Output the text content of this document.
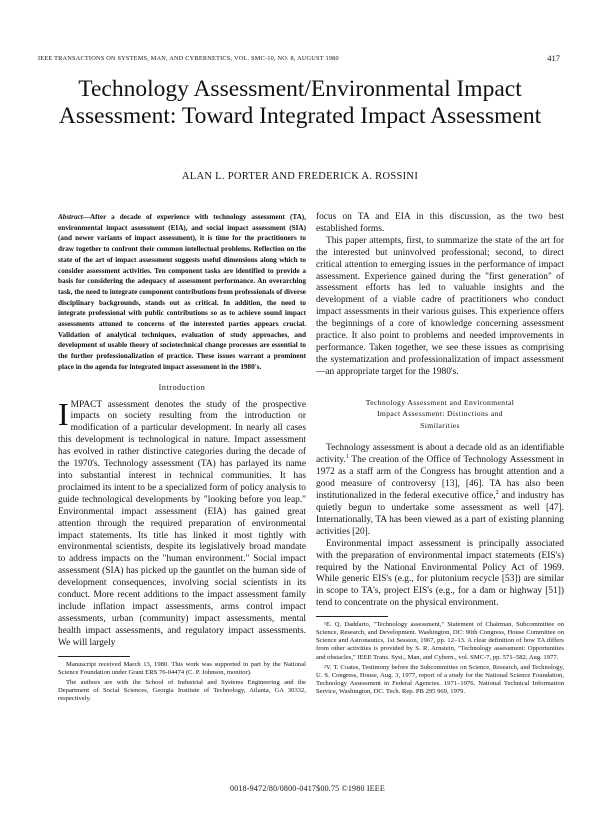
IEEE TRANSACTIONS ON SYSTEMS, MAN, AND CYBERNETICS, VOL. SMC-10, NO. 8, AUGUST 1980	417
Technology Assessment/Environmental Impact Assessment: Toward Integrated Impact Assessment
ALAN L. PORTER AND FREDERICK A. ROSSINI

Abstract—After a decade of experience with technology assessment (TA), environmental impact assessment (EIA), and social impact assessment (SIA) (and newer variants of impact assessment), it is time for the practitioners to draw together to confront their common intellectual problems. Reflection on the state of the art of impact assessment suggests useful dimensions along which to consider assessment activities. Ten component tasks are identified to provide a basis for considering the adequacy of assessment performance. An overarching task, the need to integrate component contributions from professionals of diverse disciplinary backgrounds, stands out as critical. In addition, the need to integrate professional with public contributions so as to achieve sound impact assessments attuned to concerns of the interested parties appears crucial. Validation of analytical techniques, evaluation of study approaches, and development of usable theory of sociotechnical change processes are essential to the further professionalization of practice. These issues warrant a prominent place in the agenda for integrated impact assessment in the 1980's.

Introduction

IMPACT assessment denotes the study of the prospective impacts on society resulting from the introduction or modification of a particular development. In nearly all cases this development is technological in nature. Impact assessment has evolved in rather distinctive categories during the decade of the 1970's. Technology assessment (TA) has parlayed its name into substantial interest in technical communities. It has proclaimed its intent to be a specialized form of policy analysis to guide technological developments by "looking before you leap." Environmental impact assessment (EIA) has gained great attention through the required preparation of environmental impact statements. Its title has linked it most tightly with environmental scientists, despite its legislatively broad mandate to address impacts on the "human environment." Social impact assessment (SIA) has picked up the gauntlet on the human side of development consequences, involving social scientists in its conduct. More recent additions to the impact assessment family include inflation impact assessments, arms control impact assessments, urban (community) impact assessments, mental health impact assessments, and regulatory impact assessments. We will largely

Manuscript received March 13, 1980. This work was supported in part by the National Science Foundation under Grant ERS 76-04474 (C. P. Johnson, monitor).

The authors are with the School of Industrial and Systems Engineering and the Department of Social Sciences, Georgia Institute of Technology, Atlanta, GA 30332, respectively.

focus on TA and EIA in this discussion, as the two best established forms.

This paper attempts, first, to summarize the state of the art for the interested but uninvolved professional; second, to direct critical attention to emerging issues in the performance of impact assessment. Experience gained during the "first generation" of assessment efforts has led to valuable insights and the development of a viable cadre of practitioners who conduct impact assessments in their various guises. This experience offers the beginnings of a core of knowledge concerning assessment practice. It also point to problems and needed improvements in performance. Taken together, we see these issues as comprising the systematization and professionalization of impact assessment—an appropriate target for the 1980's.

Technology Assessment and Environmental
Impact Assessment: Distinctions and
Similarities

Technology assessment is about a decade old as an identifiable activity.$^1$ The creation of the Office of Technology Assessment in 1972 as a staff arm of the Congress has brought attention and a good measure of controversy [13], [46]. TA has also been institutionalized in the federal executive office,$^2$ and industry has quietly begun to undertake some assessment as well [47]. Internationally, TA has been viewed as a part of existing planning activities [20].

Environmental impact assessment is principally associated with the preparation of environmental impact statements (EIS's) required by the National Environmental Policy Act of 1969. While generic EIS's (e.g., for plutonium recycle [53]) are similar in scope to TA's, project EIS's (e.g., for a dam or highway [51]) tend to concentrate on the physical environment.

¹E. Q. Daddario, "Technology assessment," Statement of Chairman, Subcommittee on Science, Research, and Development. Washington, DC: 90th Congress, House Committee on Science and Astronautics, 1st Session, 1967, pp. 12–13. A clear definition of how TA differs from other activities is provided by S. R. Arnstein, "Technology assessment: Opportunities and obstacles," IEEE Trans. Syst., Man, and Cybern., vol. SMC-7, pp. 571–582, Aug. 1977.

²V. T. Coates, Testimony before the Subcommittee on Science, Research, and Technology, U. S. Congress, House, Aug. 3, 1977, report of a study for the National Science Foundation, Technology Assessment in Federal Agencies. 1971–1976. National Technical Information Service, Washington, DC. Tech. Rep. PB 295 969, 1979.

0018-9472/80/0800-0417$00.75 ©1980 IEEE
